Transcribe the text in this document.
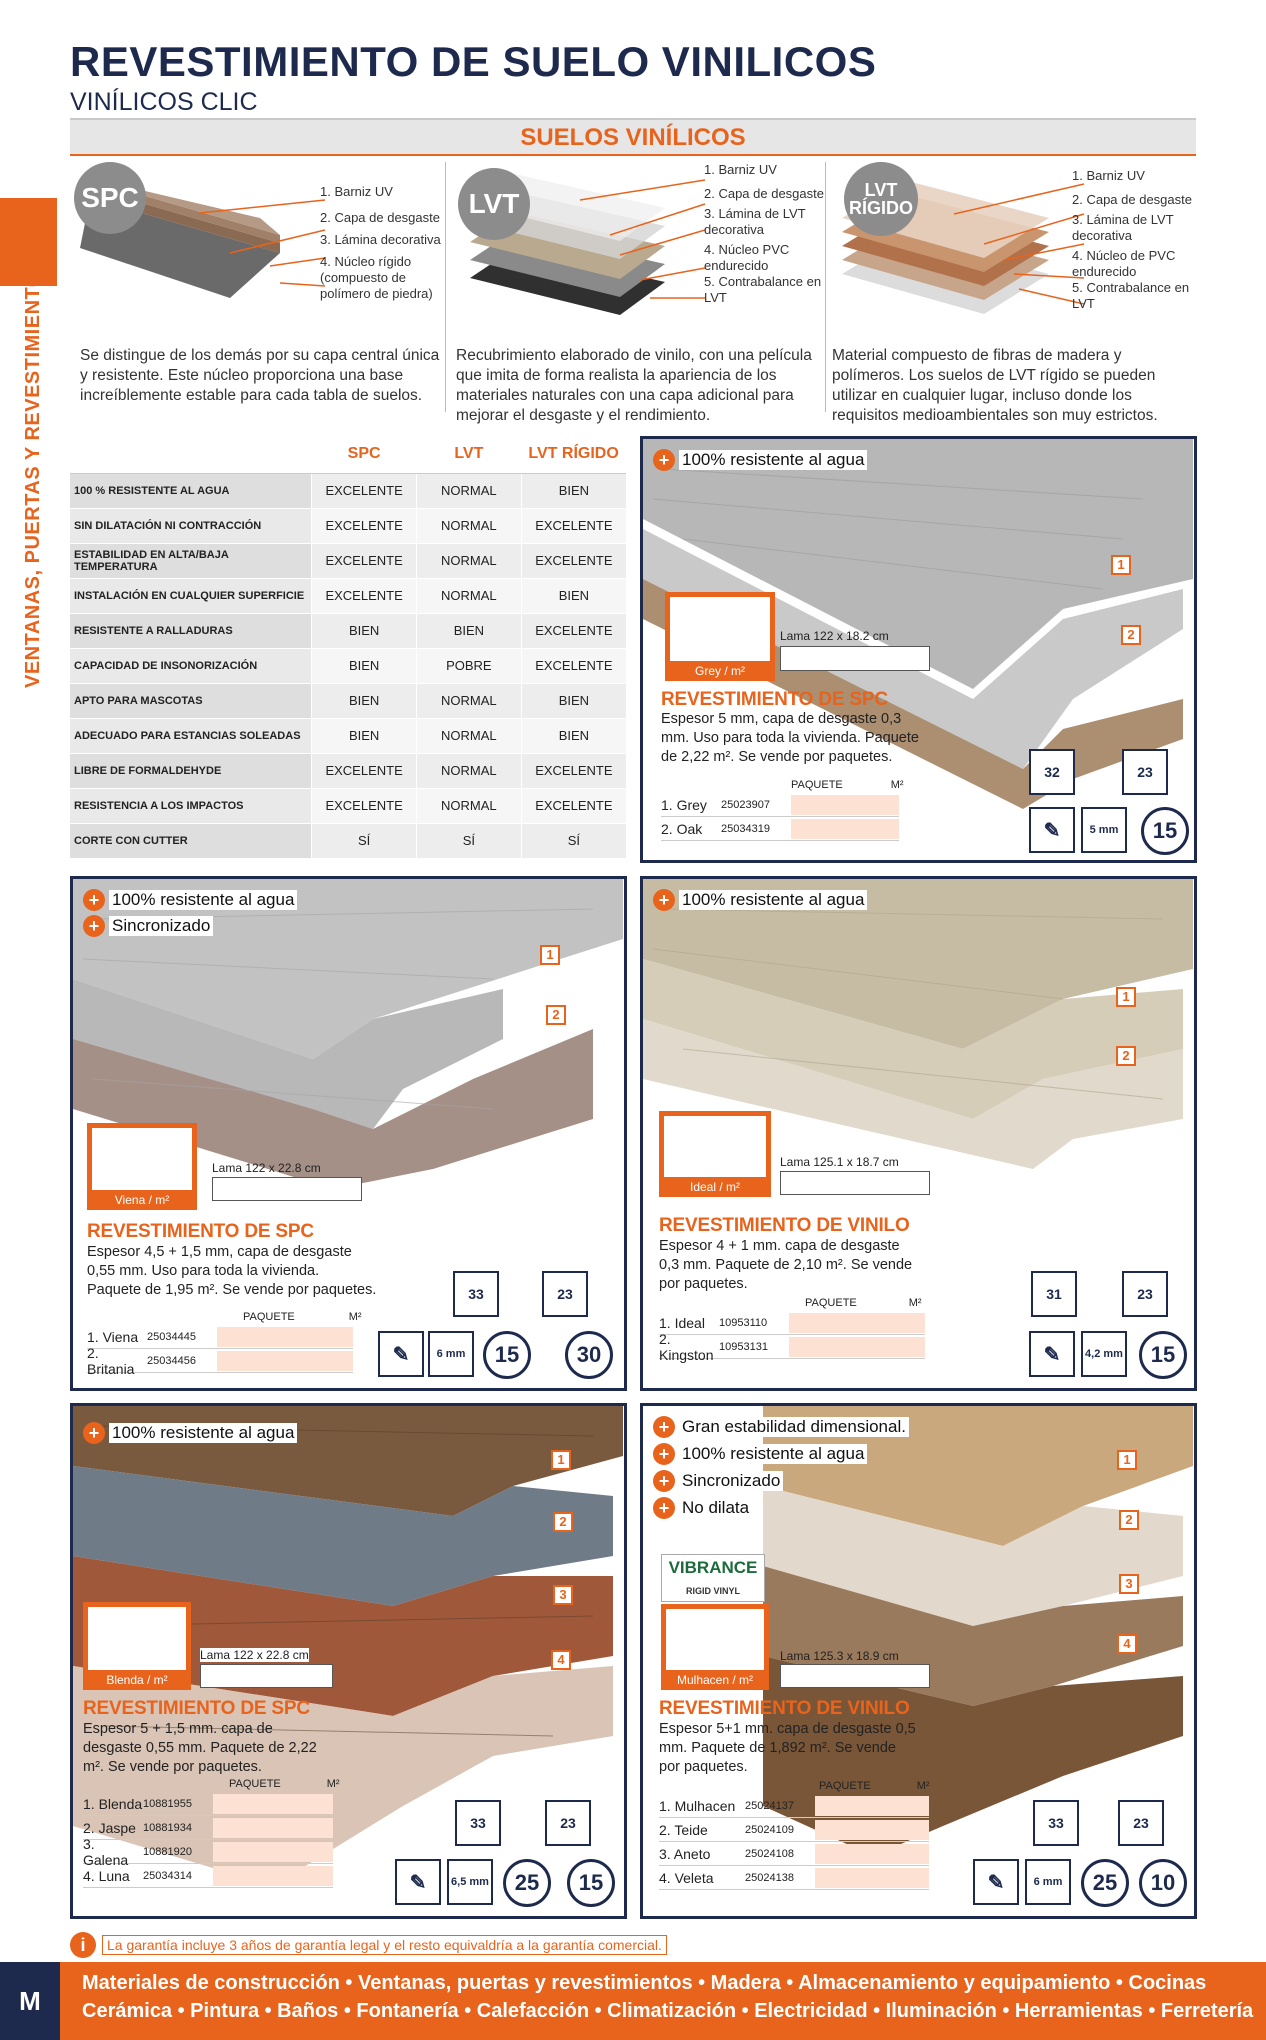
REVESTIMIENTO DE SUELO VINILICOS
VINÍLICOS CLIC
VENTANAS, PUERTAS Y REVESTIMIENTOS
SUELOS VINÍLICOS
SPC	1. Barniz UV
2. Capa de desgaste
3. Lámina decorativa
4. Núcleo rígido (compuesto de polímero de piedra)
Se distingue de los demás por su capa central única y resistente. Este núcleo proporciona una base increíblemente estable para cada tabla de suelos.
LVT
1. Barniz UV
2. Capa de desgaste
3. Lámina de LVT decorativa
4. Núcleo PVC endurecido
5. Contrabalance en LVT
Recubrimiento elaborado de vinilo, con una película que imita de forma realista la apariencia de los materiales naturales con una capa adicional para mejorar el desgaste y el rendimiento.
LVT RÍGIDO
1. Barniz UV
2. Capa de desgaste
3. Lámina de LVT decorativa
4. Núcleo de PVC endurecido
5. Contrabalance en LVT
Material compuesto de fibras de madera y polímeros. Los suelos de LVT rígido se pueden utilizar en cualquier lugar, incluso donde los requisitos medioambientales son muy estrictos.
	SPC	LVT	LVT RÍGIDO
100 % RESISTENTE AL AGUA	EXCELENTE	NORMAL	BIEN
SIN DILATACIÓN NI CONTRACCIÓN	EXCELENTE	NORMAL	EXCELENTE
ESTABILIDAD EN ALTA/BAJA TEMPERATURA	EXCELENTE	NORMAL	EXCELENTE
INSTALACIÓN EN CUALQUIER SUPERFICIE	EXCELENTE	NORMAL	BIEN
RESISTENTE A RALLADURAS	BIEN	BIEN	EXCELENTE
CAPACIDAD DE INSONORIZACIÓN	BIEN	POBRE	EXCELENTE
APTO PARA MASCOTAS	BIEN	NORMAL	BIEN
ADECUADO PARA ESTANCIAS SOLEADAS	BIEN	NORMAL	BIEN
LIBRE DE FORMALDEHYDE	EXCELENTE	NORMAL	EXCELENTE
RESISTENCIA A LOS IMPACTOS	EXCELENTE	NORMAL	EXCELENTE
CORTE CON CUTTER	SÍ	SÍ	SÍ
+ 100% resistente al agua
1
2
Grey / m²
Lama 122 x 18.2 cm
REVESTIMIENTO DE SPC
Espesor 5 mm, capa de desgaste 0,3 mm. Uso para toda la vivienda. Paquete de 2,22 m². Se vende por paquetes.
PAQUETE	M²
1. Grey	25023907
2. Oak	25034319
32	23
✎	5 mm	15
+ 100% resistente al agua
+ Sincronizado
1
2
Viena / m²
Lama 122 x 22.8 cm
REVESTIMIENTO DE SPC
Espesor 4,5 + 1,5 mm, capa de desgaste 0,55 mm. Uso para toda la vivienda. Paquete de 1,95 m². Se vende por paquetes.
PAQUETE	M²
1. Viena 25034445
2. Britania	25034456
33	23
✎	6 mm	15	30
+ 100% resistente al agua
1
2
Ideal / m²
Lama 125.1 x 18.7 cm
REVESTIMIENTO DE VINILO
Espesor 4 + 1 mm. capa de desgaste 0,3 mm. Paquete de 2,10 m². Se vende por paquetes.
PAQUETE	M²
1. Ideal	10953110
2. Kingston 10953131
31	23
✎	4,2 mm	15
+ 100% resistente al agua
1
2
3
4
Blenda / m²
Lama 122 x 22.8 cm
REVESTIMIENTO DE SPC
Espesor 5 + 1,5 mm. capa de desgaste 0,55 mm. Paquete de 2,22 m². Se vende por paquetes.
PAQUETE	M²
1. Blenda 10881955
2. Jaspe 10881934
3. Galena	10881920
4. Luna	25034314
33	23
✎	6,5 mm	25	15
+ Gran estabilidad dimensional.
+ 100% resistente al agua
+ Sincronizado
+ No dilata
VIBRANCE
RIGID VINYL
1
2
3
4
Mulhacen / m²
Lama 125.3 x 18.9 cm
REVESTIMIENTO DE VINILO
Espesor 5+1 mm. capa de desgaste 0,5 mm. Paquete de 1,892 m². Se vende por paquetes.
PAQUETE	M²
1. Mulhacen 25024137
2. Teide	25024109
3. Aneto	25024108
4. Veleta	25024138
33	23
✎	6 mm	25	10
i	La garantía incluye 3 años de garantía legal y el resto equivaldría a la garantía comercial.
Materiales de construcción • Ventanas, puertas y revestimientos • Madera • Almacenamiento y equipamiento • Cocinas
Cerámica • Pintura • Baños • Fontanería • Calefacción • Climatización • Electricidad • Iluminación • Herramientas • Ferretería
M
